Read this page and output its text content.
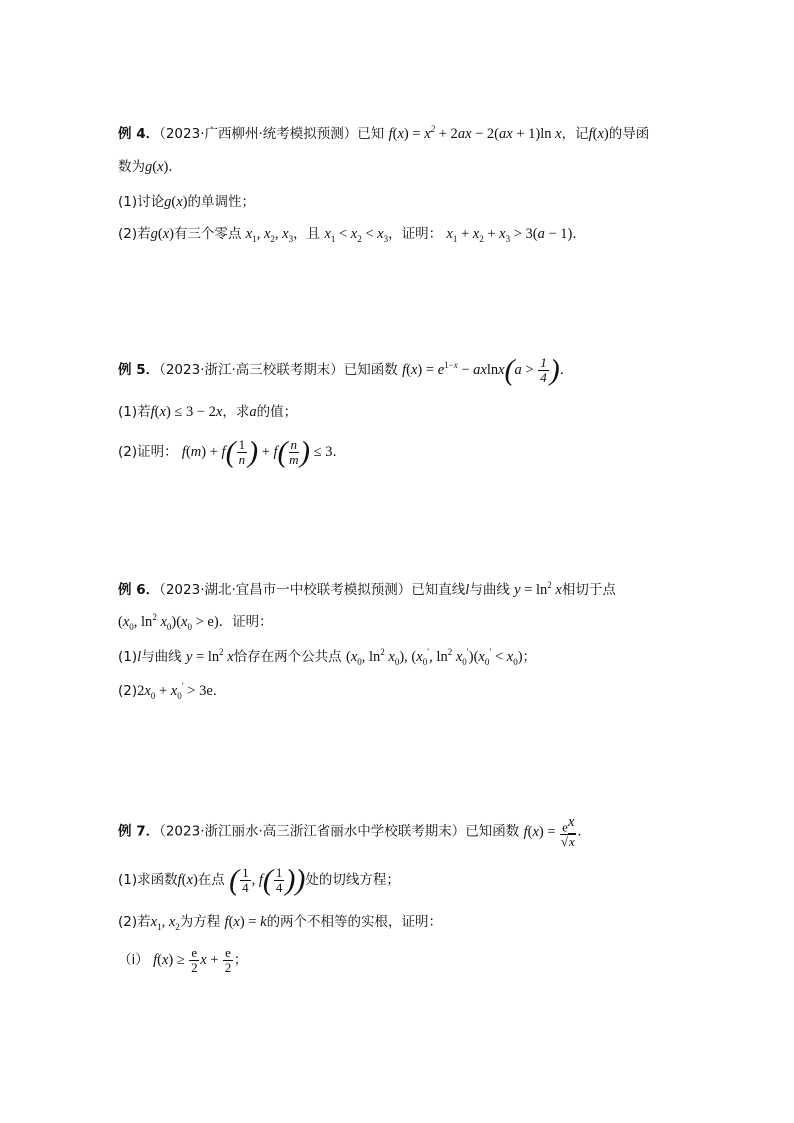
例 4．（2023·广西柳州·统考模拟预测）已知 $f(x) = x^2 + 2ax - 2(ax + 1)\ln$ x，记f(x)的导函
数为g(x)．
(1)讨论g(x)的单调性；
(2)若g(x)有三个零点 $x_1$, $x_2$, $x_3$，且 $x_1 < x_2 < x_3$，证明： $x_1 + x_2 + x_3 > 3(a - 1)$．
例 5．（2023·浙江·高三校联考期末）已知函数 $f(x) = e^{1-x} - axlnx(a > \frac{1}{4}$ )．
(1)若f(x) ≤ 3 − 2x，求a的值；
(2)证明： $f(m) + f( \frac{1}{n}$ ) + $f( \frac{n}{m}$ ) ≤ 3．
例 6．（2023·湖北·宜昌市一中校联考模拟预测）已知直线l与曲线 $y = \ln^2 x$相切于点
($x_0$, $\ln^2 x_0)(x_0 > e)$．证明：
(1)l与曲线 $y = \ln^2 x$恰存在两个公共点 ($x_0$, $\ln^2 x_0$), ($x_0'$, $\ln^2 x_0')(x_0' < x_0)$；
$(2)2x_0 + x_0' > 3e$．
例 7．（2023·浙江丽水·高三浙江省丽水中学校联考期末）已知函数 $f(x) = \frac{e^x}{√x}$ ．
(1)求函数f(x)在点 ( $\frac{1}{4}$ , $f( \frac{1}{4}$ ))处的切线方程；
(2)若$x_1$, $x_2$为方程 f(x) = k的两个不相等的实根，证明：
（i） $f(x) \ge \frac{e}{2}$ $x + \frac{e}{2}$ ；
